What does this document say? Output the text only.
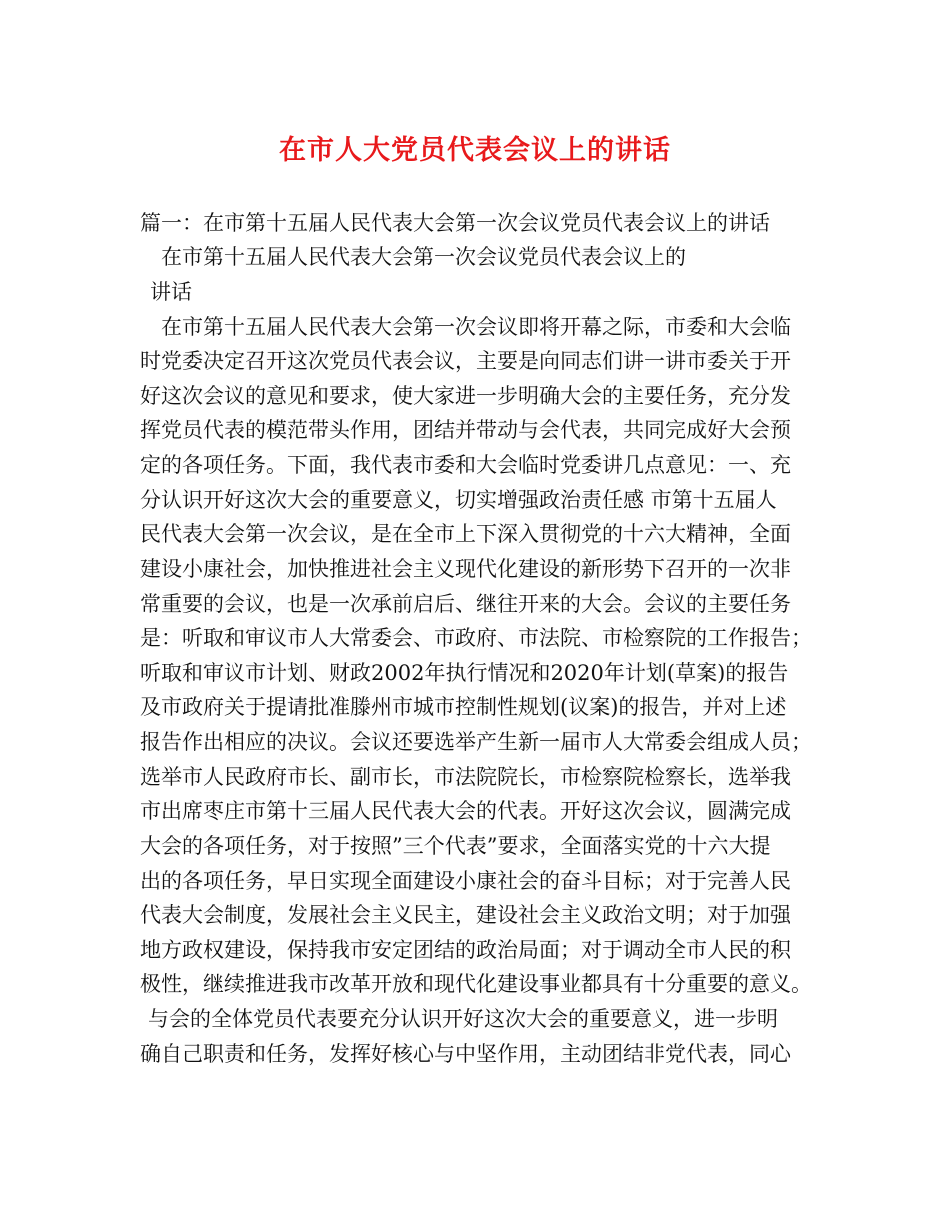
在市人大党员代表会议上的讲话

篇一：在市第十五届人民代表大会第一次会议党员代表会议上的讲话

在市第十五届人民代表大会第一次会议党员代表会议上的

讲话

在市第十五届人民代表大会第一次会议即将开幕之际，市委和大会临

时党委决定召开这次党员代表会议，主要是向同志们讲一讲市委关于开

好这次会议的意见和要求，使大家进一步明确大会的主要任务，充分发

挥党员代表的模范带头作用，团结并带动与会代表，共同完成好大会预

定的各项任务。下面，我代表市委和大会临时党委讲几点意见：一、充

分认识开好这次大会的重要意义，切实增强政治责任感 市第十五届人

民代表大会第一次会议，是在全市上下深入贯彻党的十六大精神，全面

建设小康社会，加快推进社会主义现代化建设的新形势下召开的一次非

常重要的会议，也是一次承前启后、继往开来的大会。会议的主要任务

是：听取和审议市人大常委会、市政府、市法院、市检察院的工作报告；

听取和审议市计划、财政2002年执行情况和2020年计划(草案)的报告

及市政府关于提请批准滕州市城市控制性规划(议案)的报告，并对上述

报告作出相应的决议。会议还要选举产生新一届市人大常委会组成人员；

选举市人民政府市长、副市长，市法院院长，市检察院检察长，选举我

市出席枣庄市第十三届人民代表大会的代表。开好这次会议，圆满完成

大会的各项任务，对于按照”三个代表”要求，全面落实党的十六大提

出的各项任务，早日实现全面建设小康社会的奋斗目标；对于完善人民

代表大会制度，发展社会主义民主，建设社会主义政治文明；对于加强

地方政权建设，保持我市安定团结的政治局面；对于调动全市人民的积

极性，继续推进我市改革开放和现代化建设事业都具有十分重要的意义。

与会的全体党员代表要充分认识开好这次大会的重要意义，进一步明

确自己职责和任务，发挥好核心与中坚作用，主动团结非党代表，同心
